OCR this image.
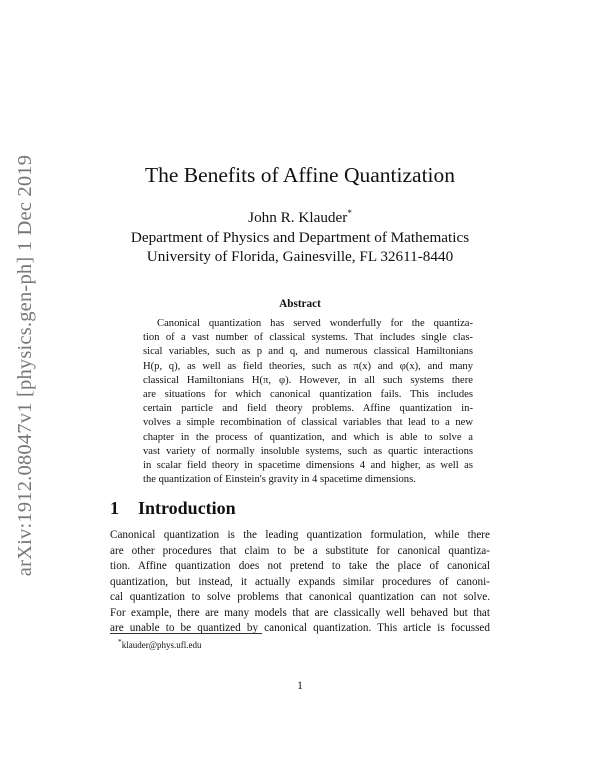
arXiv:1912.08047v1 [physics.gen-ph] 1 Dec 2019	The Benefits of Affine Quantization
John R. Klauder*
Department of Physics and Department of Mathematics
University of Florida, Gainesville, FL 32611-8440
Abstract
Canonical quantization has served wonderfully for the quantiza-
tion of a vast number of classical systems. That includes single clas-
sical variables, such as p and q, and numerous classical Hamiltonians
H(p, q), as well as field theories, such as π(x) and φ(x), and many
classical Hamiltonians H(π, φ). However, in all such systems there
are situations for which canonical quantization fails. This includes
certain particle and field theory problems. Affine quantization in-
volves a simple recombination of classical variables that lead to a new
chapter in the process of quantization, and which is able to solve a
vast variety of normally insoluble systems, such as quartic interactions
in scalar field theory in spacetime dimensions 4 and higher, as well as
the quantization of Einstein's gravity in 4 spacetime dimensions.
1 Introduction
Canonical quantization is the leading quantization formulation, while there
are other procedures that claim to be a substitute for canonical quantiza-
tion. Affine quantization does not pretend to take the place of canonical
quantization, but instead, it actually expands similar procedures of canoni-
cal quantization to solve problems that canonical quantization can not solve.
For example, there are many models that are classically well behaved but that
are unable to be quantized by canonical quantization. This article is focussed
*klauder@phys.ufl.edu
1
